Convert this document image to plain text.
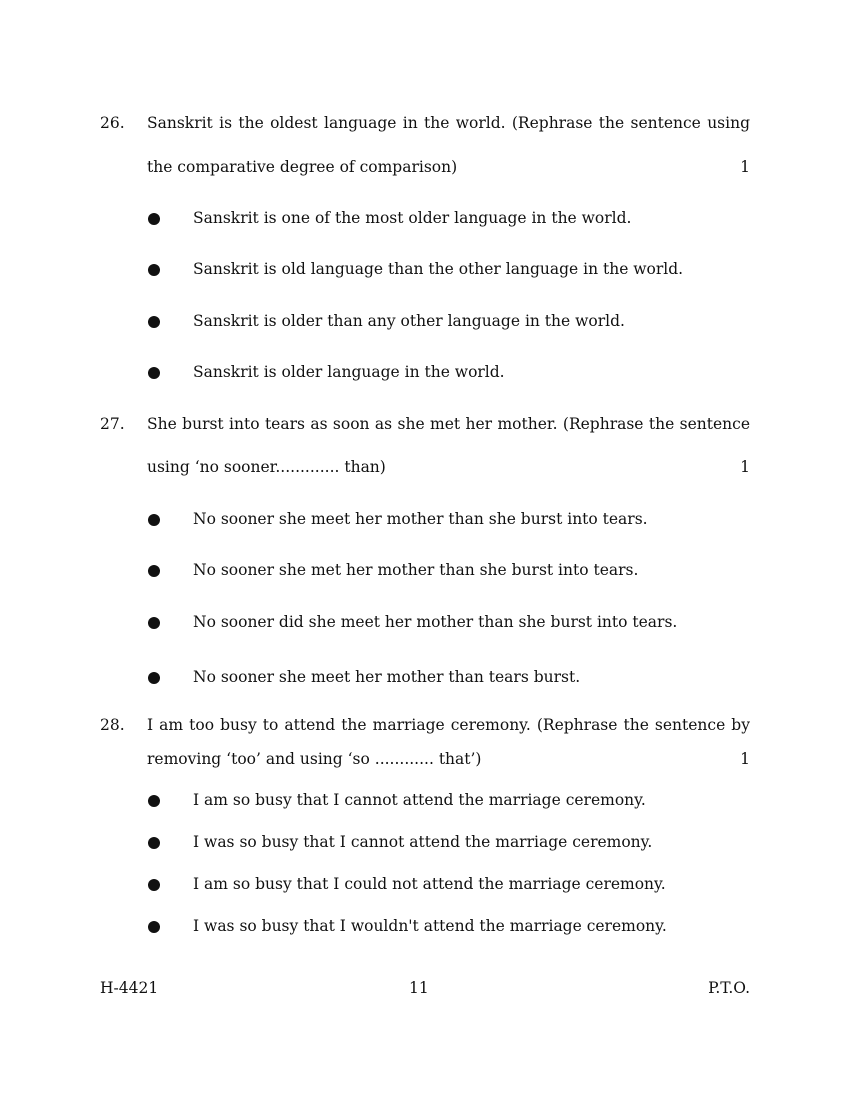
26. Sanskrit is the oldest language in the world. (Rephrase the sentence using
the comparative degree of comparison)	1
Sanskrit is one of the most older language in the world.
Sanskrit is old language than the other language in the world.
Sanskrit is older than any other language in the world.
Sanskrit is older language in the world.
27. She burst into tears as soon as she met her mother. (Rephrase the sentence
using ‘no sooner............. than)	1
No sooner she meet her mother than she burst into tears.
No sooner she met her mother than she burst into tears.
No sooner did she meet her mother than she burst into tears.
No sooner she meet her mother than tears burst.
28. I am too busy to attend the marriage ceremony. (Rephrase the sentence by
removing ‘too’ and using ‘so ............ that’)	1
I am so busy that I cannot attend the marriage ceremony.
I was so busy that I cannot attend the marriage ceremony.
I am so busy that I could not attend the marriage ceremony.
I was so busy that I wouldn't attend the marriage ceremony.
H-4421	11	P.T.O.
